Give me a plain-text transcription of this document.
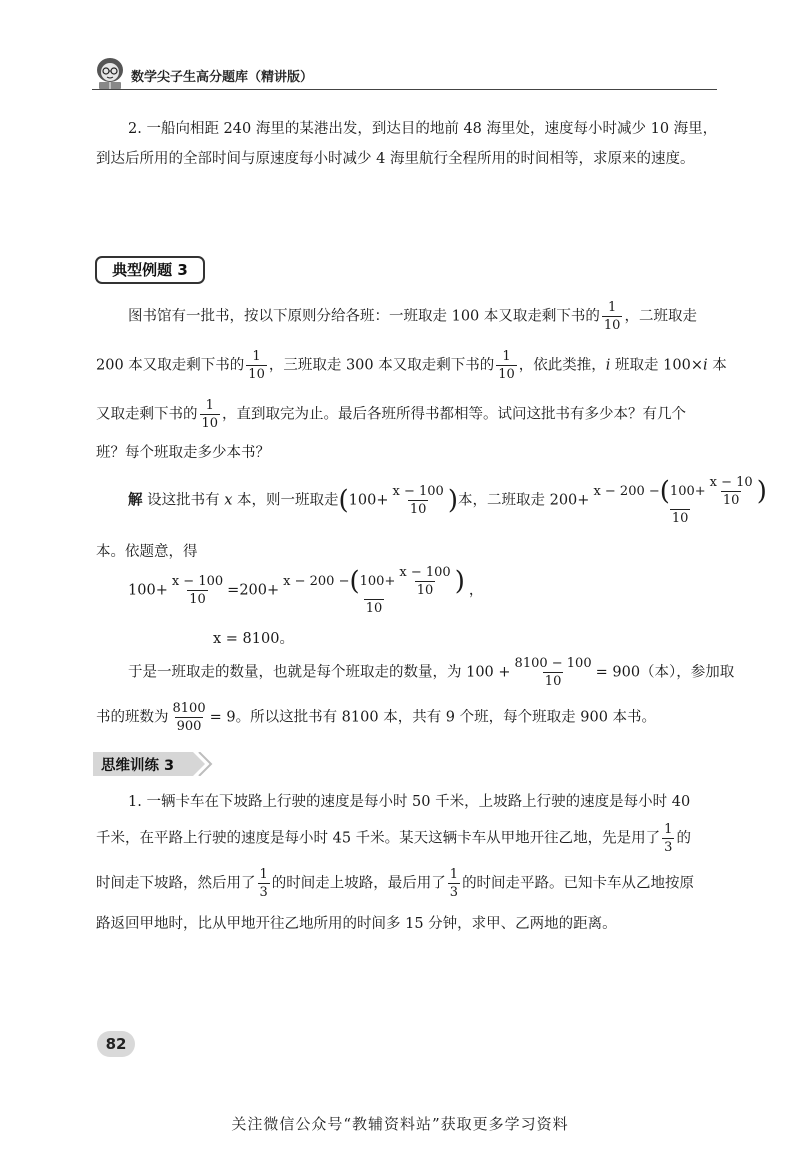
数学尖子生高分题库（精讲版）
2. 一船向相距 240 海里的某港出发，到达目的地前 48 海里处，速度每小时减少 10 海里，
到达后所用的全部时间与原速度每小时减少 4 海里航行全程所用的时间相等，求原来的速度。
典型例题 3
图书馆有一批书，按以下原则分给各班：一班取走 100 本又取走剩下书的 $\frac{1}{10}$ ，二班取走
200 本又取走剩下书的 $\frac{1}{10}$ ，三班取走 300 本又取走剩下书的 $\frac{1}{10}$ ，依此类推，i 班取走 100×i 本
又取走剩下书的 $\frac{1}{10}$ ，直到取完为止。最后各班所得书都相等。试问这批书有多少本？有几个
班？每个班取走多少本书？
解 设这批书有 x 本，则一班取走($100+ \frac{x - 100}{10}$ )本，二班取走 $200+ \frac{x - 200 -(100+ \frac{x - 10}{10} )}{10}$
本。依题意，得
$100+ \frac{x - 100}{10} =200+ \frac{x - 200 -(100+ \frac{x - 100}{10} )}{10}$ ，
x = 8100。
于是一班取走的数量，也就是每个班取走的数量，为 $100 + \frac{8100 - 100}{10} = 900$（本），参加取
书的班数为 $\frac{8100}{900} = 9$。所以这批书有 8100 本，共有 9 个班，每个班取走 900 本书。
思维训练 3
1. 一辆卡车在下坡路上行驶的速度是每小时 50 千米，上坡路上行驶的速度是每小时 40
千米，在平路上行驶的速度是每小时 45 千米。某天这辆卡车从甲地开往乙地，先是用了 $\frac{1}{3}$ 的
时间走下坡路，然后用了 $\frac{1}{3}$ 的时间走上坡路，最后用了 $\frac{1}{3}$ 的时间走平路。已知卡车从乙地按原
路返回甲地时，比从甲地开往乙地所用的时间多 15 分钟，求甲、乙两地的距离。
82
关注微信公众号“教辅资料站”获取更多学习资料
